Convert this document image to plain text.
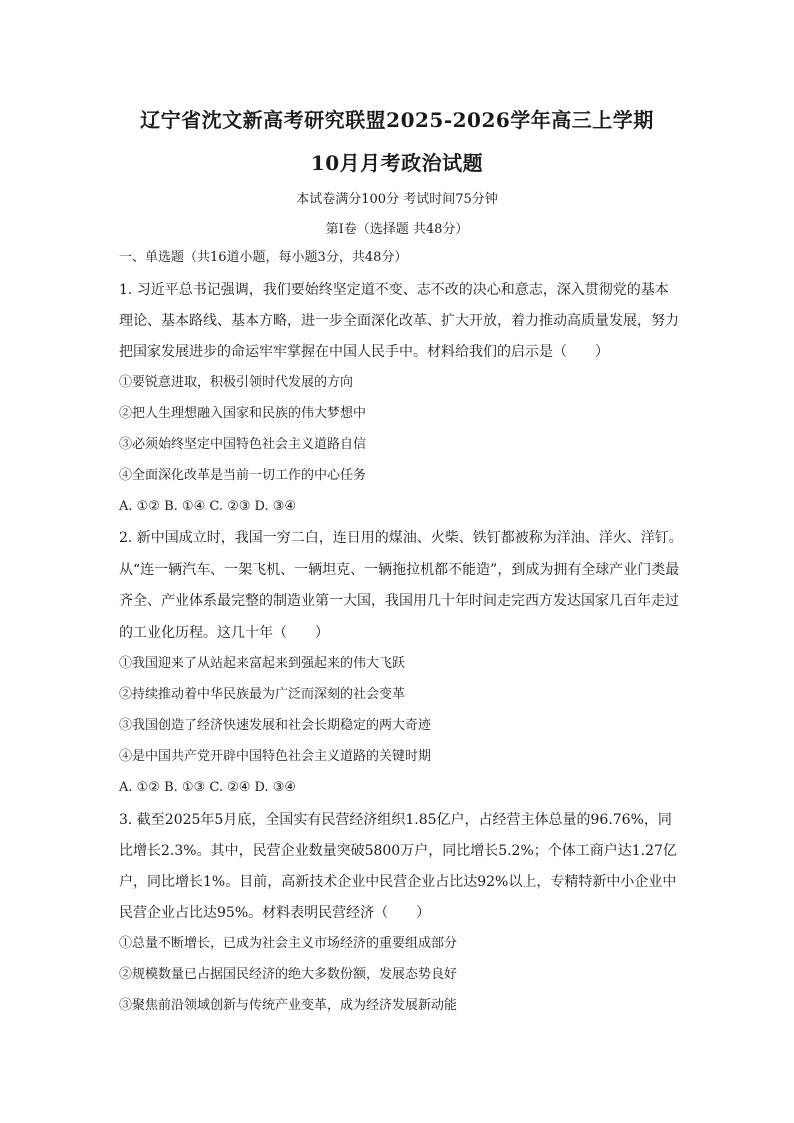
辽宁省沈文新高考研究联盟2025-2026学年高三上学期
10月月考政治试题
本试卷满分100分 考试时间75分钟
第I卷（选择题 共48分）
一、单选题（共16道小题，每小题3分，共48分）
1. 习近平总书记强调，我们要始终坚定道不变、志不改的决心和意志，深入贯彻党的基本
理论、基本路线、基本方略，进一步全面深化改革、扩大开放，着力推动高质量发展，努力
把国家发展进步的命运牢牢掌握在中国人民手中。材料给我们的启示是（　　）
①要锐意进取，积极引领时代发展的方向
②把人生理想融入国家和民族的伟大梦想中
③必须始终坚定中国特色社会主义道路自信
④全面深化改革是当前一切工作的中心任务
A. ①② B. ①④ C. ②③ D. ③④
2. 新中国成立时，我国一穷二白，连日用的煤油、火柴、铁钉都被称为洋油、洋火、洋钉。
从“连一辆汽车、一架飞机、一辆坦克、一辆拖拉机都不能造”，到成为拥有全球产业门类最
齐全、产业体系最完整的制造业第一大国，我国用几十年时间走完西方发达国家几百年走过
的工业化历程。这几十年（　　）
①我国迎来了从站起来富起来到强起来的伟大飞跃
②持续推动着中华民族最为广泛而深刻的社会变革
③我国创造了经济快速发展和社会长期稳定的两大奇迹
④是中国共产党开辟中国特色社会主义道路的关键时期
A. ①② B. ①③ C. ②④ D. ③④
3. 截至2025年5月底，全国实有民营经济组织1.85亿户，占经营主体总量的96.76%，同
比增长2.3%。其中，民营企业数量突破5800万户，同比增长5.2%；个体工商户达1.27亿
户，同比增长1%。目前，高新技术企业中民营企业占比达92%以上，专精特新中小企业中
民营企业占比达95%。材料表明民营经济（　　）
①总量不断增长，已成为社会主义市场经济的重要组成部分
②规模数量已占据国民经济的绝大多数份额，发展态势良好
③聚焦前沿领域创新与传统产业变革，成为经济发展新动能
